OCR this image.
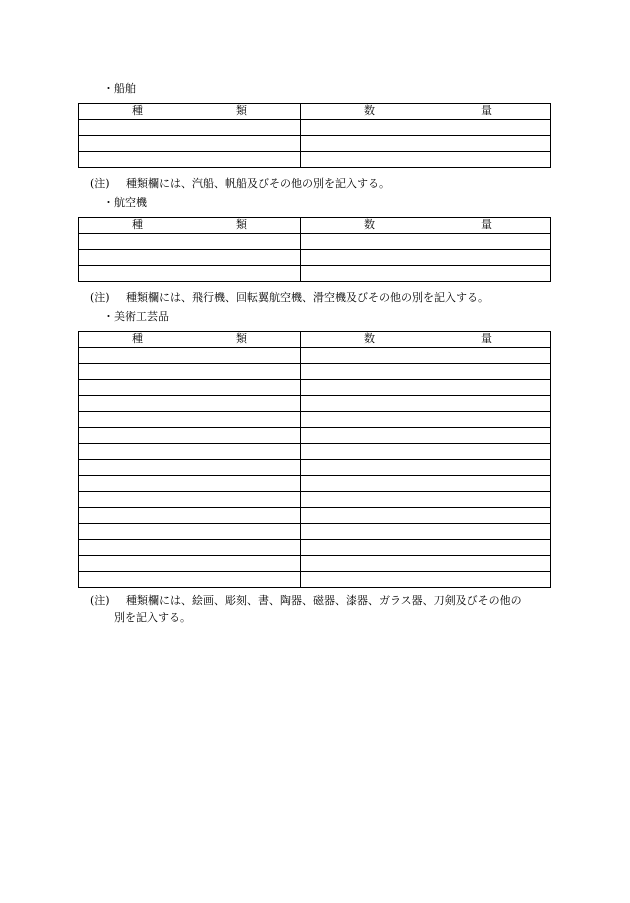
・船舶
種 類	数 量

(注) 種類欄には、汽船、帆船及びその他の別を記入する。
・航空機
種 類	数 量

(注) 種類欄には、飛行機、回転翼航空機、滑空機及びその他の別を記入する。
・美術工芸品
種 類	数 量

(注) 種類欄には、絵画、彫刻、書、陶器、磁器、漆器、ガラス器、刀剣及びその他の
別を記入する。
